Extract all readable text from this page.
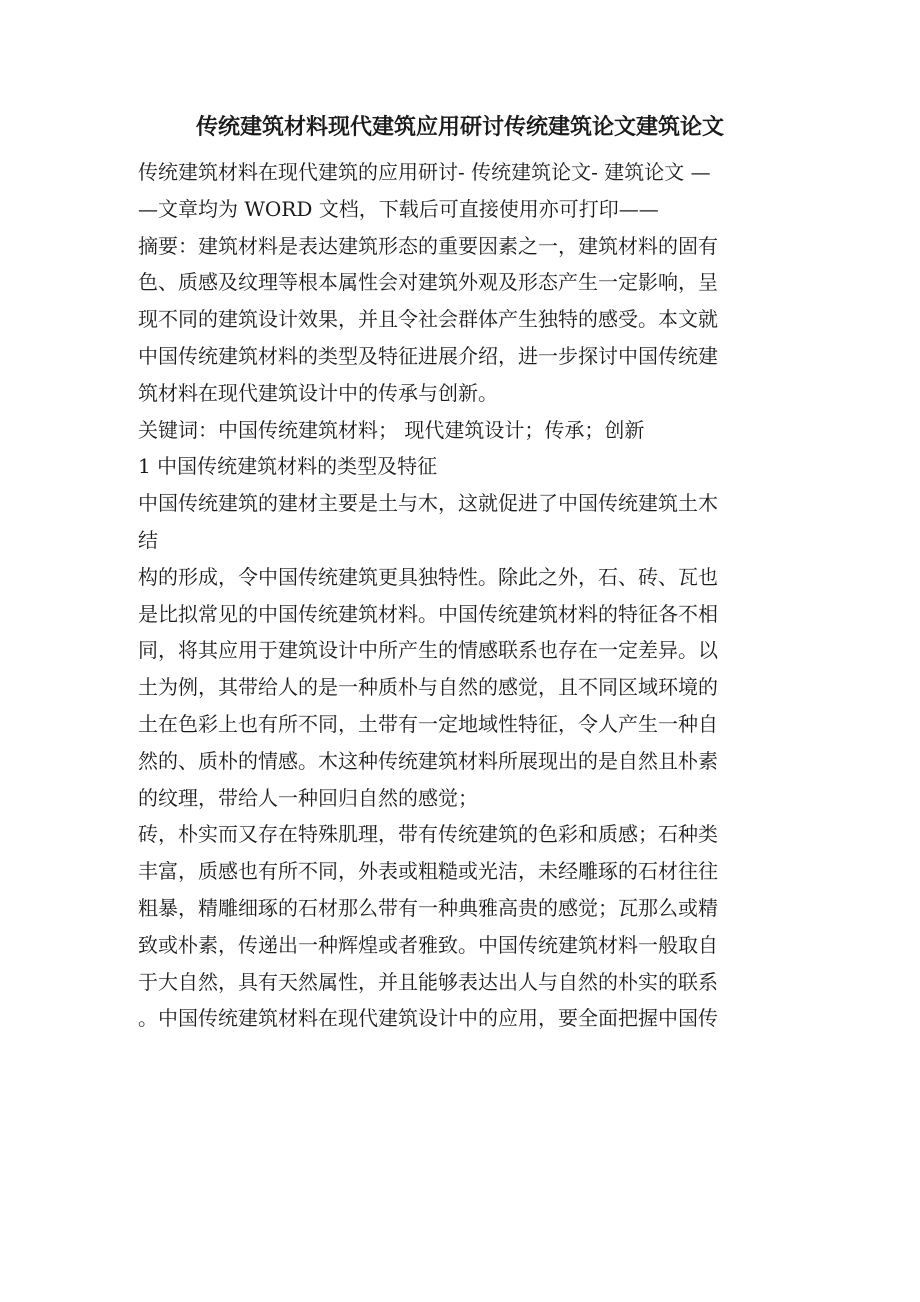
传统建筑材料现代建筑应用研讨传统建筑论文建筑论文
传统建筑材料在现代建筑的应用研讨- 传统建筑论文- 建筑论文 —
—文章均为 WORD 文档，下载后可直接使用亦可打印——
摘要：建筑材料是表达建筑形态的重要因素之一，建筑材料的固有
色、质感及纹理等根本属性会对建筑外观及形态产生一定影响，呈
现不同的建筑设计效果，并且令社会群体产生独特的感受。本文就
中国传统建筑材料的类型及特征进展介绍，进一步探讨中国传统建
筑材料在现代建筑设计中的传承与创新。
关键词：中国传统建筑材料； 现代建筑设计；传承；创新
1 中国传统建筑材料的类型及特征
中国传统建筑的建材主要是土与木，这就促进了中国传统建筑土木
结
构的形成，令中国传统建筑更具独特性。除此之外，石、砖、瓦也
是比拟常见的中国传统建筑材料。中国传统建筑材料的特征各不相
同，将其应用于建筑设计中所产生的情感联系也存在一定差异。以
土为例，其带给人的是一种质朴与自然的感觉，且不同区域环境的
土在色彩上也有所不同，土带有一定地域性特征，令人产生一种自
然的、质朴的情感。木这种传统建筑材料所展现出的是自然且朴素
的纹理，带给人一种回归自然的感觉；
砖，朴实而又存在特殊肌理，带有传统建筑的色彩和质感；石种类
丰富，质感也有所不同，外表或粗糙或光洁，未经雕琢的石材往往
粗暴，精雕细琢的石材那么带有一种典雅高贵的感觉；瓦那么或精
致或朴素，传递出一种辉煌或者雅致。中国传统建筑材料一般取自
于大自然，具有天然属性，并且能够表达出人与自然的朴实的联系
。中国传统建筑材料在现代建筑设计中的应用，要全面把握中国传
